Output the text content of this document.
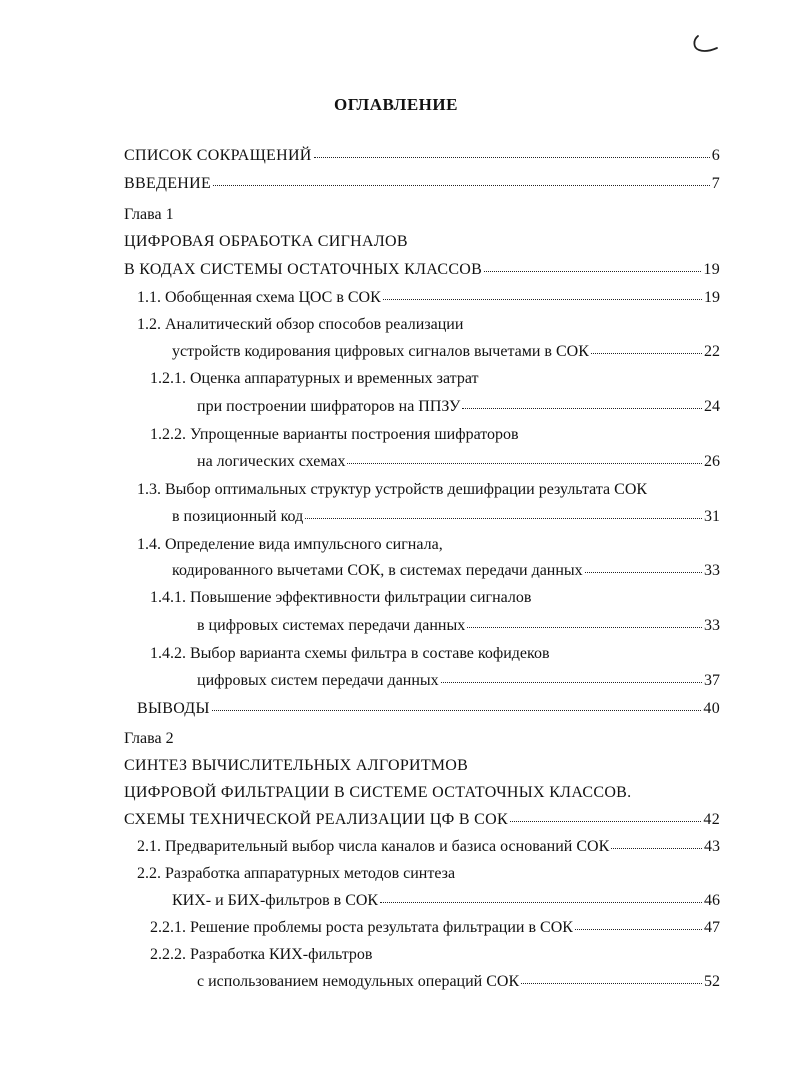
ОГЛАВЛЕНИЕ
СПИСОК СОКРАЩЕНИЙ	6
ВВЕДЕНИЕ	7
Глава 1
ЦИФРОВАЯ ОБРАБОТКА СИГНАЛОВ
В КОДАХ СИСТЕМЫ ОСТАТОЧНЫХ КЛАССОВ	19
1.1. Обобщенная схема ЦОС в СОК	19
1.2. Аналитический обзор способов реализации
устройств кодирования цифровых сигналов вычетами в СОК	22
1.2.1. Оценка аппаратурных и временных затрат
при построении шифраторов на ППЗУ	24
1.2.2. Упрощенные варианты построения шифраторов
на логических схемах	26
1.3. Выбор оптимальных структур устройств дешифрации результата СОК
в позиционный код	31
1.4. Определение вида импульсного сигнала,
кодированного вычетами СОК, в системах передачи данных	33
1.4.1. Повышение эффективности фильтрации сигналов
в цифровых системах передачи данных	33
1.4.2. Выбор варианта схемы фильтра в составе кофидеков
цифровых систем передачи данных	37
ВЫВОДЫ	40
Глава 2
СИНТЕЗ ВЫЧИСЛИТЕЛЬНЫХ АЛГОРИТМОВ
ЦИФРОВОЙ ФИЛЬТРАЦИИ В СИСТЕМЕ ОСТАТОЧНЫХ КЛАССОВ.
СХЕМЫ ТЕХНИЧЕСКОЙ РЕАЛИЗАЦИИ ЦФ В СОК	42
2.1. Предварительный выбор числа каналов и базиса оснований СОК	43
2.2. Разработка аппаратурных методов синтеза
КИХ- и БИХ-фильтров в СОК	46
2.2.1. Решение проблемы роста результата фильтрации в СОК	47
2.2.2. Разработка КИХ-фильтров
с использованием немодульных операций СОК	52
